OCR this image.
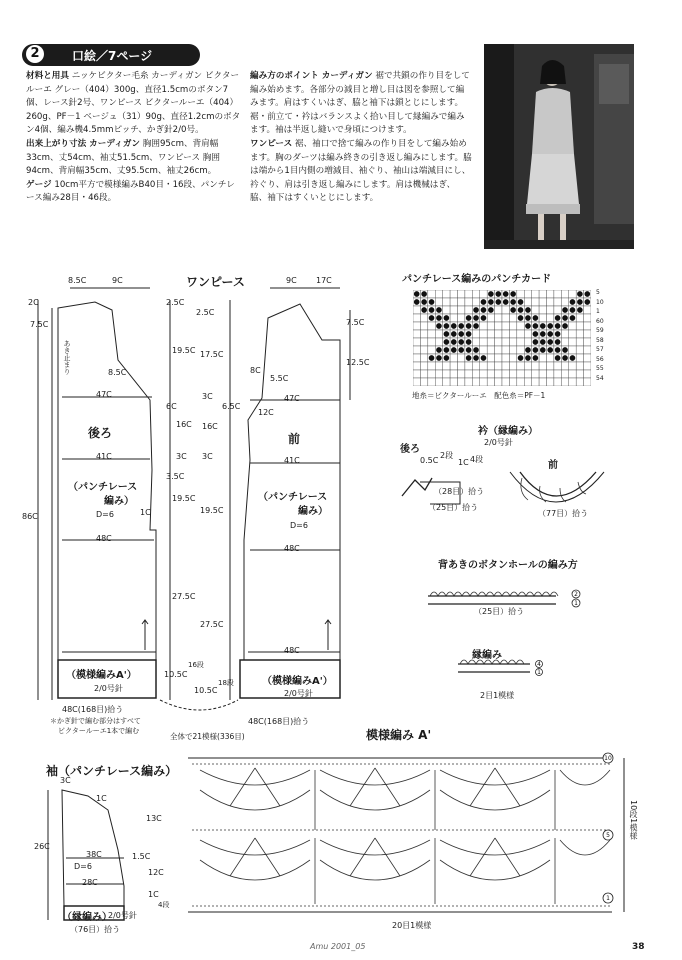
2	口絵／7ページ

材料と用具 ニッケビクター毛糸 カーディガン ビクタールーエ グレー（404）300g、直径1.5cmのボタン7個、レース針2号、ワンピース ビクタールーエ（404）260g、PF－1 ベージュ（31）90g、直径1.2cmのボタン4個、編み機4.5mmピッチ、かぎ針2/0号。

出来上がり寸法 カーディガン 胸囲95cm、背肩幅33cm、丈54cm、袖丈51.5cm、ワンピース 胸囲94cm、背肩幅35cm、丈95.5cm、袖丈26cm。

ゲージ 10cm平方で模様編みB40目・16段、パンチレース編み28目・46段。

編み方のポイント カーディガン 裾で共鎖の作り目をして編み始めます。各部分の減目と増し目は図を参照して編みます。肩はすくいはぎ、脇と袖下は鎖とじにします。裾・前立て・衿はバランスよく拾い目して縁編みで編みます。袖は半返し縫いで身頃につけます。

ワンピース 裾、袖口で捨て編みの作り目をして編み始めます。胸のダーツは編み終きの引き返し編みにします。脇は端から1目内側の増減目、袖ぐり、袖山は端減目にし、衿ぐり、肩は引き返し編みにします。肩は機械はぎ、脇、袖下はすくいとじにします。

10
5
1
2
1
4
1
ワンピース	パンチレース編みのパンチカード
地糸＝ビクタールーエ　配色糸＝PF－1
衿（縁編み）
2/0号針
背あきのボタンホールの編み方
縁編み
模様編み A'
袖（パンチレース編み）
後ろ
（パンチレース
編み）
D=6
（模様編みA'）
2/0号針
＊かぎ針で編む部分はすべて
ビクタールーエ1本で編む
前
（パンチレース
編み）
D=6
（模様編みA'）
2/0号針
8.5C	9C
2C
7.5C
8.5C
47C
6C
41C
16C
3C
3.5C
48C
1C
86C
48C(168目)拾う
あき止まり
9C 17C
2.5C
2.5C
7.5C
19.5C 17.5C
12.5C
5.5C
8C
3C
6.5C
12C
47C
16C
3C	41C
19.5C
19.5C
48C
27.5C
27.5C
48C
10.5C
10.5C
16段
18段
48C(168目)拾う
全体で21模様(336目)
後ろ
前
0.5C
2段
1C 4段
（28目）拾う
（25目）拾う
（77目）拾う
（25目）拾う
2目1模様
20目1模様
10段1模様
D=6
（縁編み）
2/0号針
（76目）拾う
3C
1C
13C
26C
38C	1.5C
12C
28C
1C
4段
5
10
1
60
59
58
57
56
55
54
Amu 2001_05	38
